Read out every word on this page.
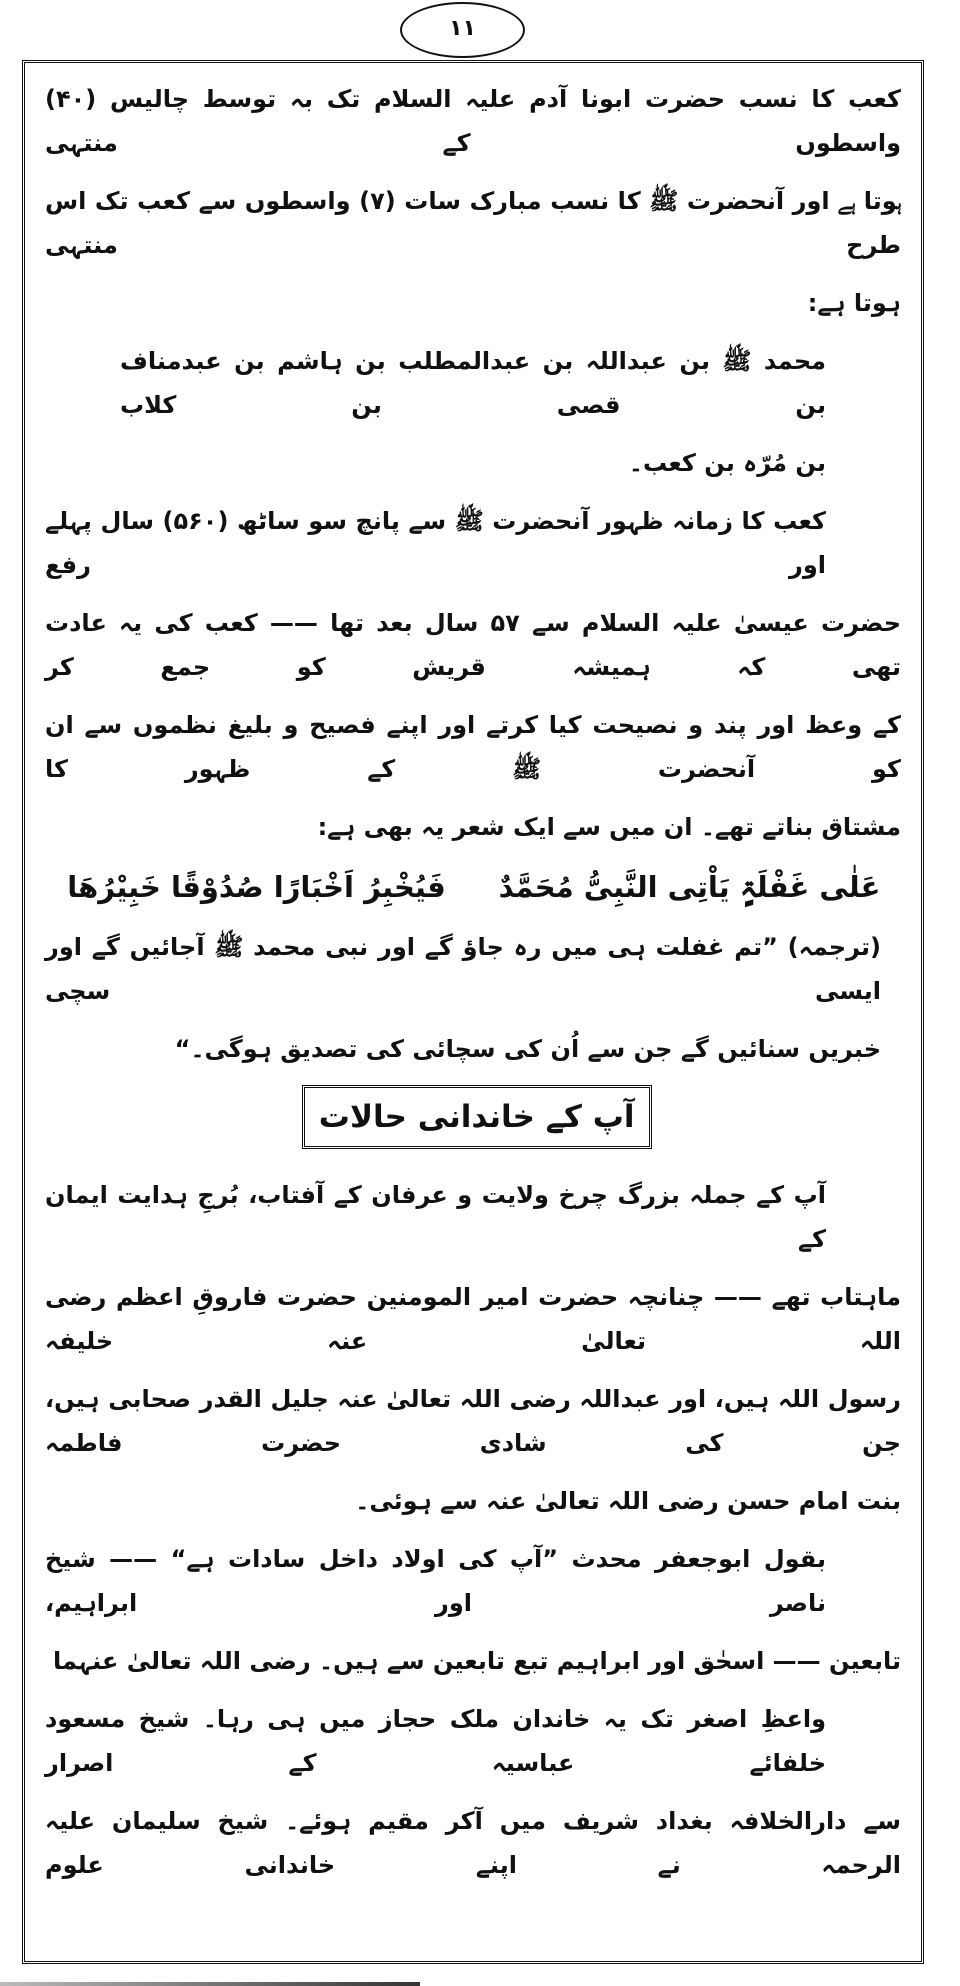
۱۱
کعب کا نسب حضرت ابونا آدم علیہ السلام تک بہ توسط چالیس (۴۰) واسطوں کے منتہی
ہوتا ہے اور آنحضرت ﷺ کا نسب مبارک سات (۷) واسطوں سے کعب تک اس طرح منتہی
ہوتا ہے:
محمد ﷺ بن عبداللہ بن عبدالمطلب بن ہاشم بن عبدمناف بن قصی بن کلاب
بن مُرّہ بن کعب۔
کعب کا زمانہ ظہور آنحضرت ﷺ سے پانچ سو ساٹھ (۵۶۰) سال پہلے اور رفع
حضرت عیسیٰ علیہ السلام سے ۵۷ سال بعد تھا —— کعب کی یہ عادت تھی کہ ہمیشہ قریش کو جمع کر
کے وعظ اور پند و نصیحت کیا کرتے اور اپنے فصیح و بلیغ نظموں سے ان کو آنحضرت ﷺ کے ظہور کا
مشتاق بناتے تھے۔ ان میں سے ایک شعر یہ بھی ہے:
عَلٰی غَفْلَۃٍ یَاْتِی النَّبِیُّ مُحَمَّدٌ
فَیُخْبِرُ اَخْبَارًا صُدُوْقًا خَبِیْرُهَا
(ترجمہ) ”تم غفلت ہی میں رہ جاؤ گے اور نبی محمد ﷺ آجائیں گے اور ایسی سچی
خبریں سنائیں گے جن سے اُن کی سچائی کی تصدیق ہوگی۔“
آپ کے خاندانی حالات
آپ کے جملہ بزرگ چرخ ولایت و عرفان کے آفتاب، بُرجِ ہدایت ایمان کے
ماہتاب تھے —— چنانچہ حضرت امیر المومنین حضرت فاروقِ اعظم رضی اللہ تعالیٰ عنہ خلیفہ
رسول اللہ ہیں، اور عبداللہ رضی اللہ تعالیٰ عنہ جلیل القدر صحابی ہیں، جن کی شادی حضرت فاطمہ
بنت امام حسن رضی اللہ تعالیٰ عنہ سے ہوئی۔
بقول ابوجعفر محدث ”آپ کی اولاد داخل سادات ہے“ —— شیخ ناصر اور ابراہیم،
تابعین —— اسحٰق اور ابراہیم تبع تابعین سے ہیں۔ رضی اللہ تعالیٰ عنہما
واعظِ اصغر تک یہ خاندان ملک حجاز میں ہی رہا۔ شیخ مسعود خلفائے عباسیہ کے اصرار
سے دارالخلافہ بغداد شریف میں آکر مقیم ہوئے۔ شیخ سلیمان علیہ الرحمہ نے اپنے خاندانی علوم
